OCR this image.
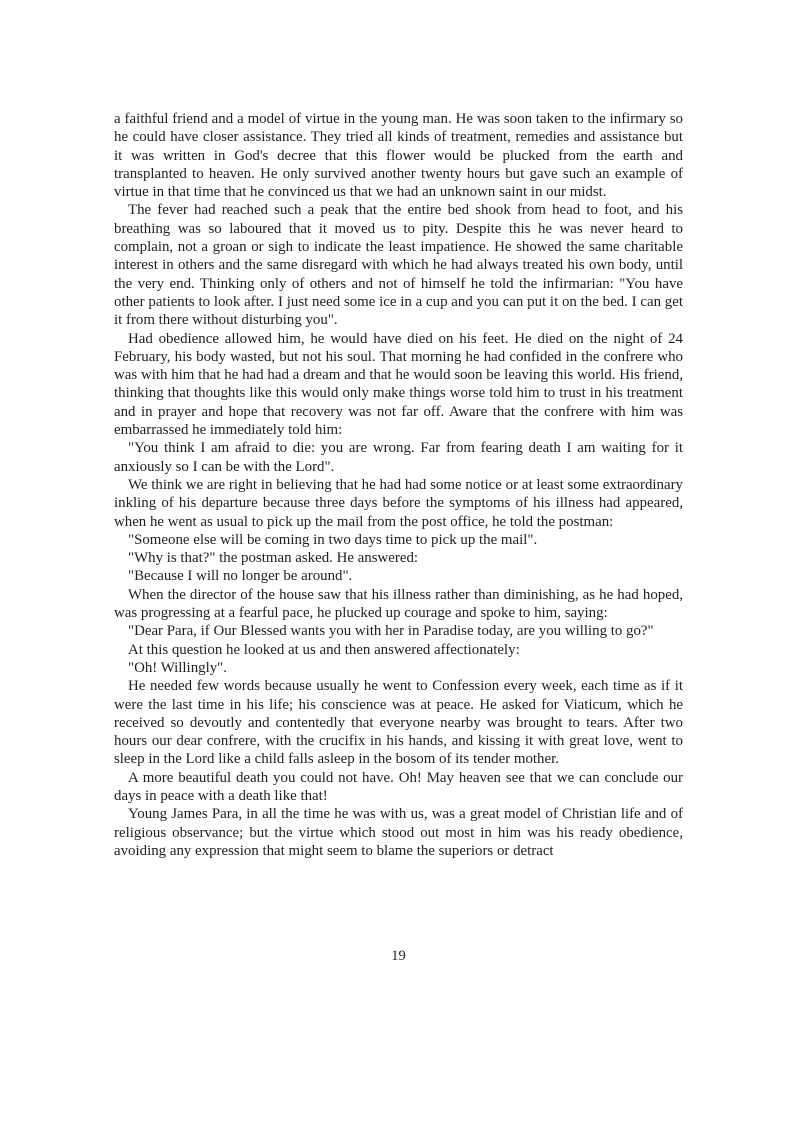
a faithful friend and a model of virtue in the young man. He was soon taken to the infirmary so he could have closer assistance. They tried all kinds of treatment, remedies and assistance but it was written in God's decree that this flower would be plucked from the earth and transplanted to heaven. He only survived another twenty hours but gave such an example of virtue in that time that he convinced us that we had an unknown saint in our midst.

The fever had reached such a peak that the entire bed shook from head to foot, and his breathing was so laboured that it moved us to pity. Despite this he was never heard to complain, not a groan or sigh to indicate the least impatience. He showed the same charitable interest in others and the same disregard with which he had always treated his own body, until the very end. Thinking only of others and not of himself he told the infirmarian: "You have other patients to look after. I just need some ice in a cup and you can put it on the bed. I can get it from there without disturbing you".

Had obedience allowed him, he would have died on his feet. He died on the night of 24 February, his body wasted, but not his soul. That morning he had confided in the confrere who was with him that he had had a dream and that he would soon be leaving this world. His friend, thinking that thoughts like this would only make things worse told him to trust in his treatment and in prayer and hope that recovery was not far off. Aware that the confrere with him was embarrassed he immediately told him:

"You think I am afraid to die: you are wrong. Far from fearing death I am waiting for it anxiously so I can be with the Lord".

We think we are right in believing that he had had some notice or at least some extraordinary inkling of his departure because three days before the symptoms of his illness had appeared, when he went as usual to pick up the mail from the post office, he told the postman:

"Someone else will be coming in two days time to pick up the mail".

"Why is that?" the postman asked. He answered:

"Because I will no longer be around".

When the director of the house saw that his illness rather than diminishing, as he had hoped, was progressing at a fearful pace, he plucked up courage and spoke to him, saying:

"Dear Para, if Our Blessed wants you with her in Paradise today, are you willing to go?"

At this question he looked at us and then answered affectionately:

"Oh! Willingly".

He needed few words because usually he went to Confession every week, each time as if it were the last time in his life; his conscience was at peace. He asked for Viaticum, which he received so devoutly and contentedly that everyone nearby was brought to tears. After two hours our dear confrere, with the crucifix in his hands, and kissing it with great love, went to sleep in the Lord like a child falls asleep in the bosom of its tender mother.

A more beautiful death you could not have. Oh! May heaven see that we can conclude our days in peace with a death like that!

Young James Para, in all the time he was with us, was a great model of Christian life and of religious observance; but the virtue which stood out most in him was his ready obedience, avoiding any expression that might seem to blame the superiors or detract

19
